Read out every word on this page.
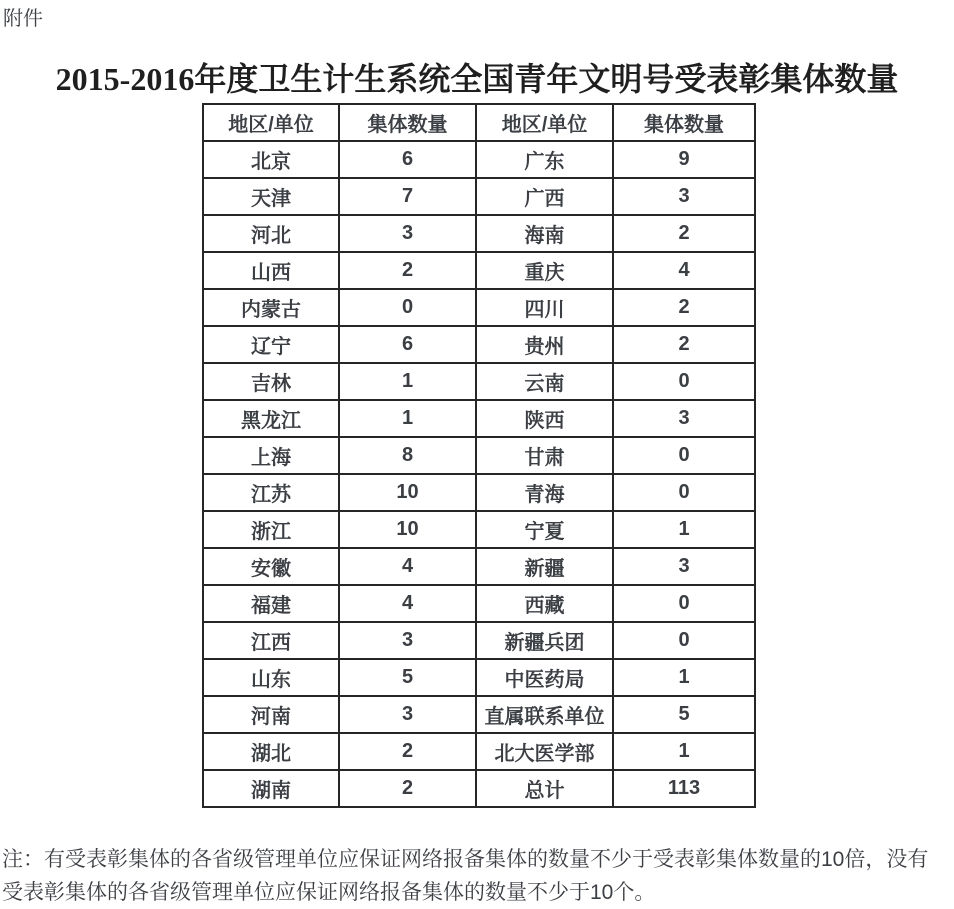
附件
2015-2016年度卫生计生系统全国青年文明号受表彰集体数量
地区/单位	集体数量	地区/单位	集体数量
北京	6	广东	9
天津	7	广西	3
河北	3	海南	2
山西	2	重庆	4
内蒙古	0	四川	2
辽宁	6	贵州	2
吉林	1	云南	0
黑龙江	1	陕西	3
上海	8	甘肃	0
江苏	10	青海	0
浙江	10	宁夏	1
安徽	4	新疆	3
福建	4	西藏	0
江西	3	新疆兵团	0
山东	5	中医药局	1
河南	3	直属联系单位	5
湖北	2	北大医学部	1
湖南	2	总计	113
注：有受表彰集体的各省级管理单位应保证网络报备集体的数量不少于受表彰集体数量的10倍，没有
受表彰集体的各省级管理单位应保证网络报备集体的数量不少于10个。
